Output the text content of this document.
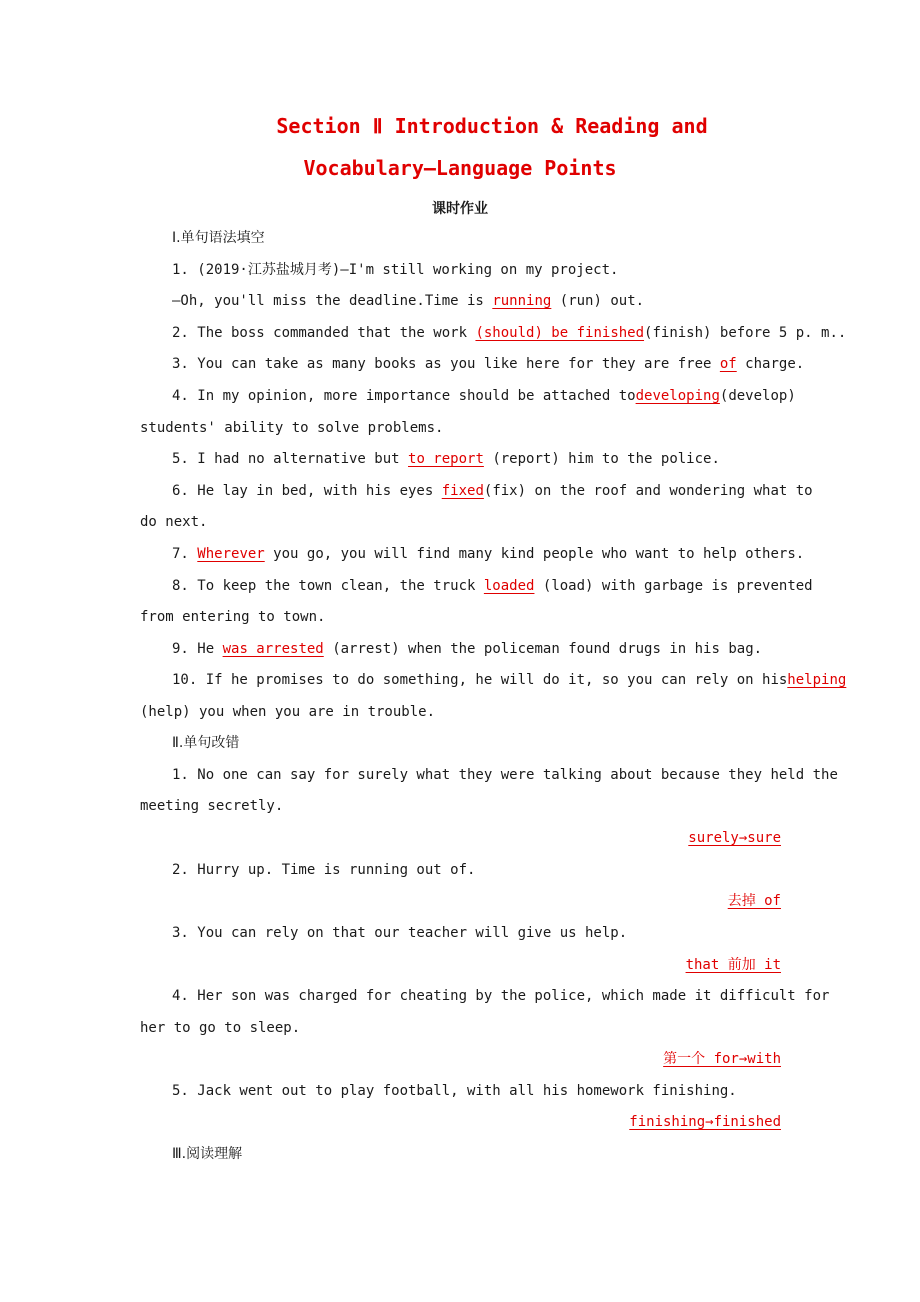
Section Ⅱ Introduction & Reading and
Vocabulary—Language Points
课时作业
Ⅰ.单句语法填空
1. (2019·江苏盐城月考)—I'm still working on my project.
—Oh, you'll miss the deadline.Time is running (run) out.
2. The boss commanded that the work (should) be finished(finish) before 5 p. m..
3. You can take as many books as you like here for they are free of charge.
4. In my opinion, more importance should be attached to developing (develop)
students' ability to solve problems.
5. I had no alternative but to report (report) him to the police.
6. He lay in bed, with his eyes fixed(fix) on the roof and wondering what to
do next.
7. Wherever you go, you will find many kind people who want to help others.
8. To keep the town clean, the truck loaded (load) with garbage is prevented
from entering to town.
9. He was arrested (arrest) when the policeman found drugs in his bag.
10. If he promises to do something, he will do it, so you can rely on his helping
(help) you when you are in trouble.
Ⅱ.单句改错
1. No one can say for surely what they were talking about because they held the
meeting secretly.
surely→sure
2. Hurry up. Time is running out of.
去掉 of
3. You can rely on that our teacher will give us help.
that 前加 it
4. Her son was charged for cheating by the police, which made it difficult for
her to go to sleep.
第一个 for→with
5. Jack went out to play football, with all his homework finishing.
finishing→finished
Ⅲ.阅读理解
